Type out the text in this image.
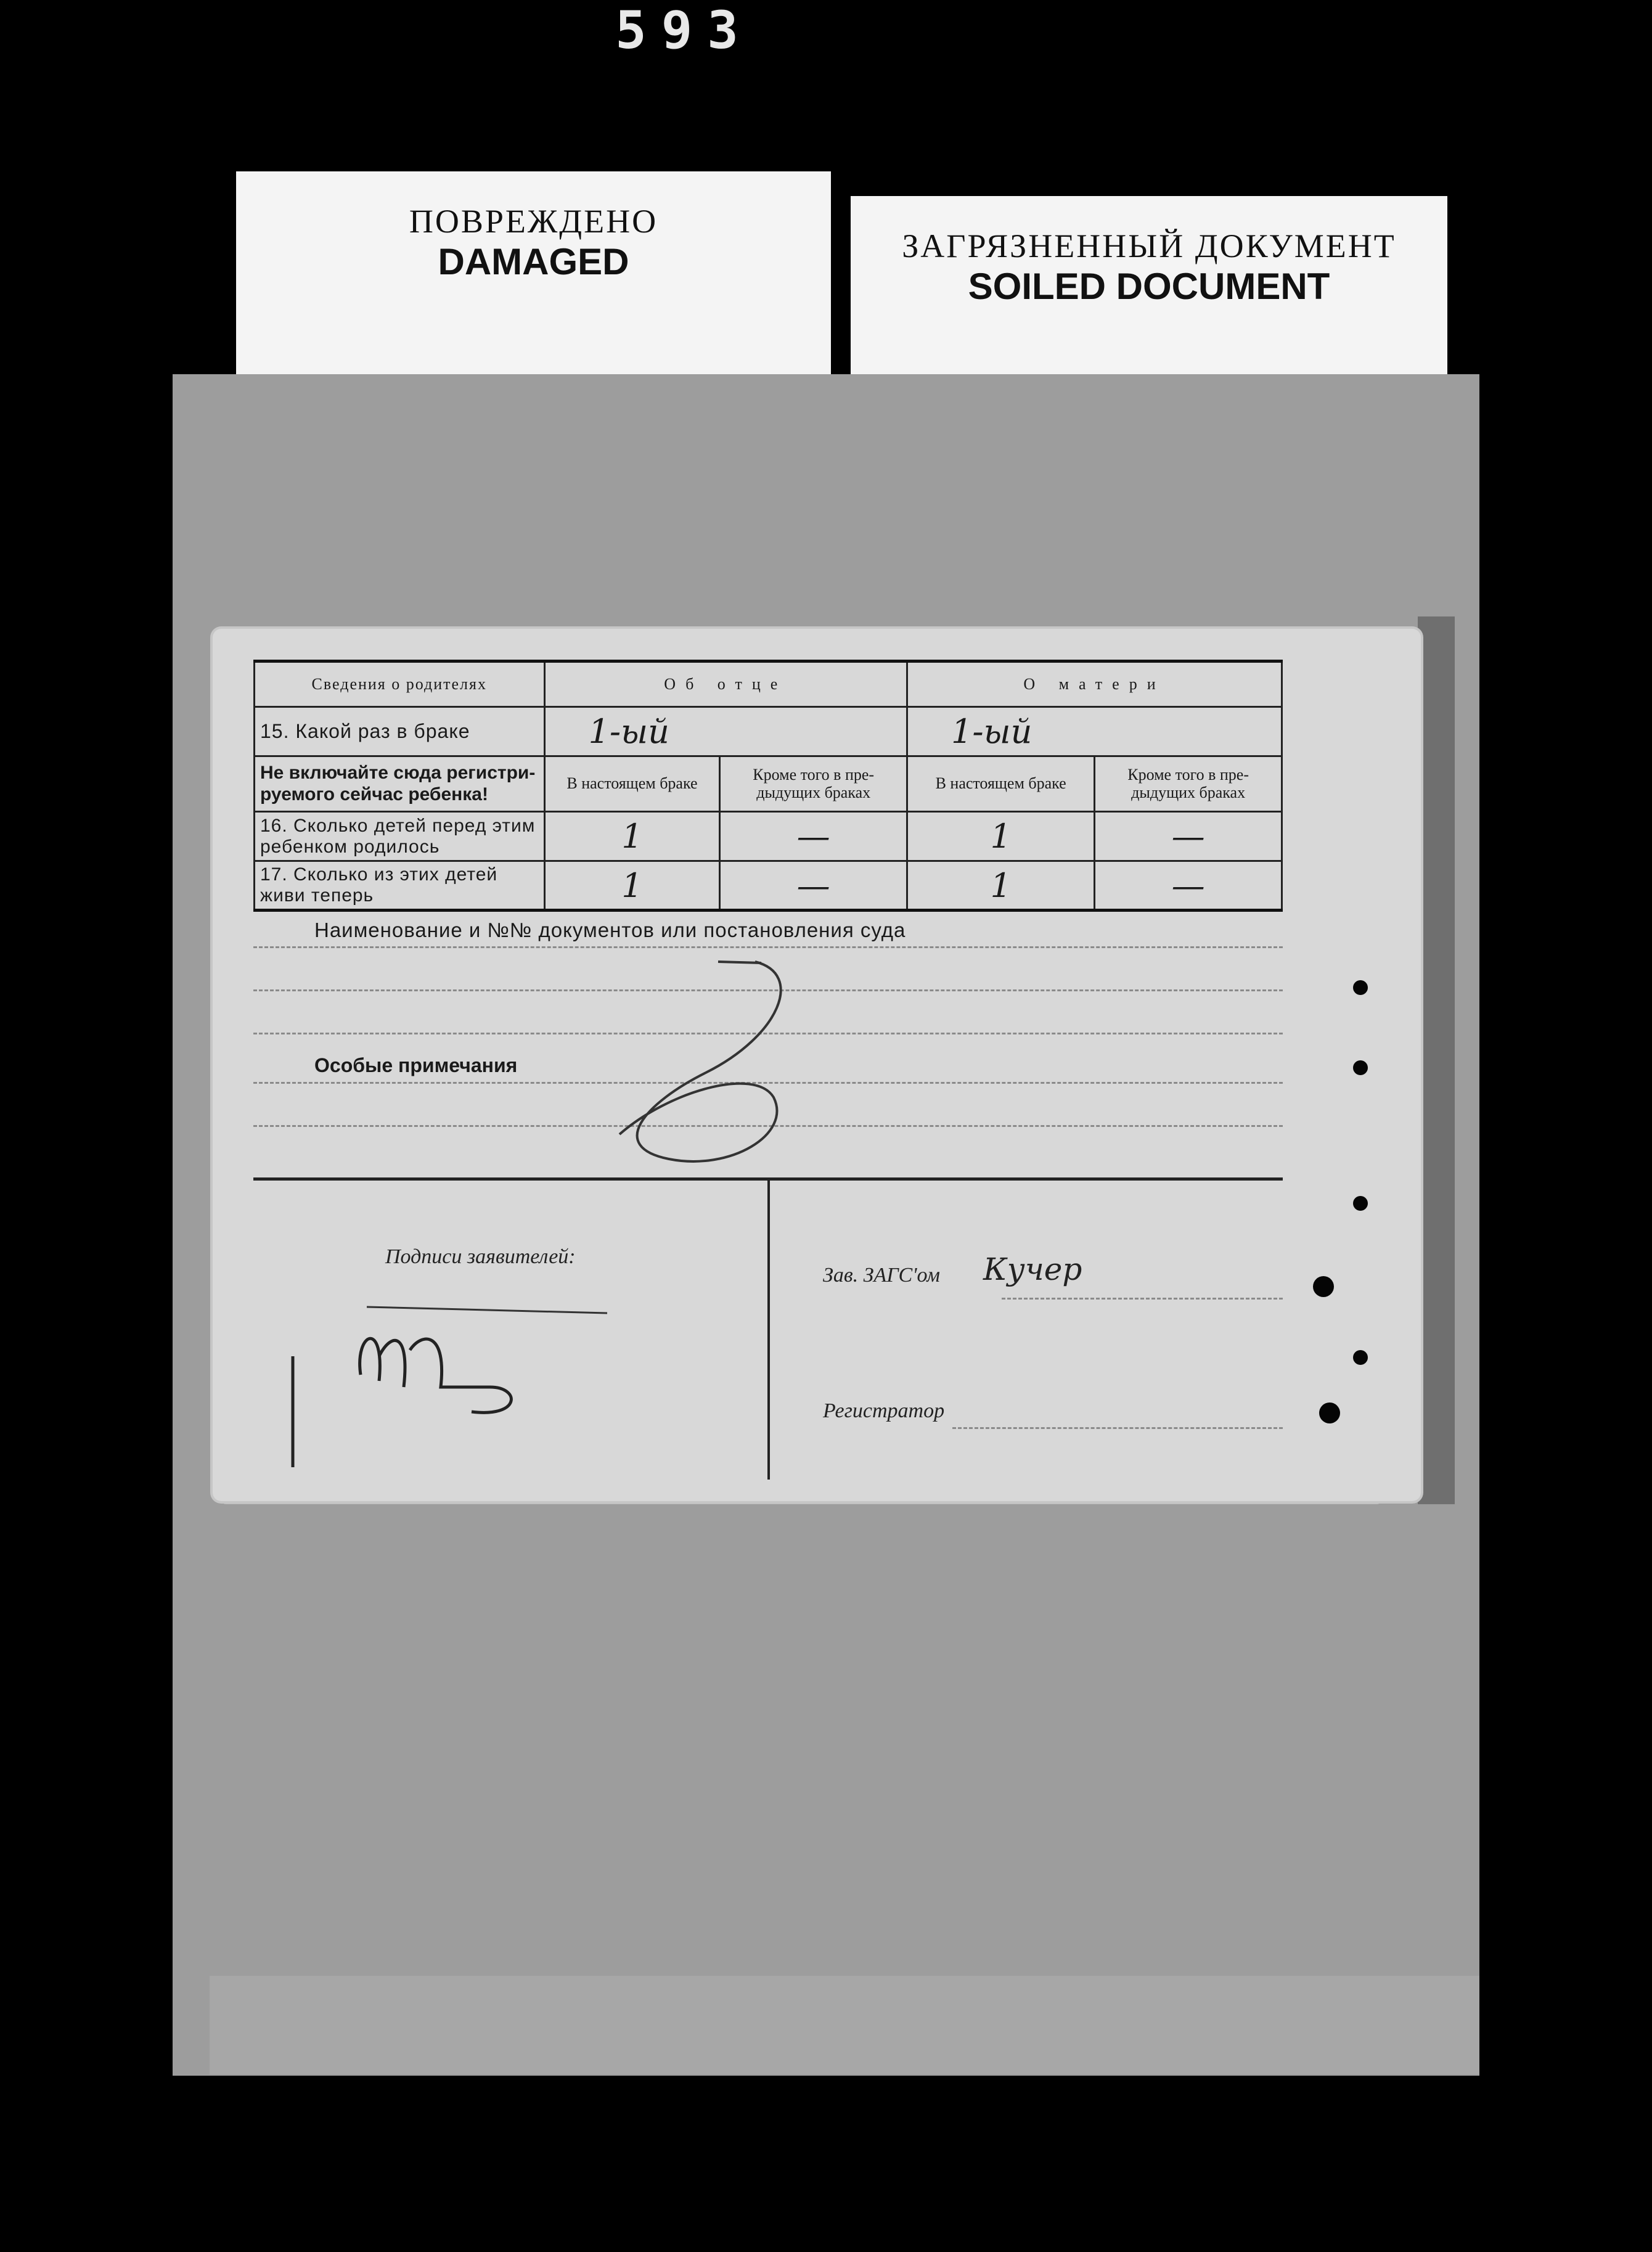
593
ПОВРЕЖДЕНО
DAMAGED	ЗАГРЯЗНЕННЫЙ ДОКУМЕНТ
SOILED DOCUMENT
Сведения о родителях	Об отце		О матери	
15. Какой раз в браке	1-ый		1-ый	
Не включайте сюда регистри-руемого сейчас ребенка!	В настоящем браке	Кроме того в пре-дыдущих браках	В настоящем браке	Кроме того в пре-дыдущих браках
16. Сколько детей перед этим ребенком родилось	1	—	1	—
17. Сколько из этих детей живи теперь	1	—	1	—
Наименование и №№ документов или постановления суда
Особые примечания
Подписи заявителей:
Зав. ЗАГС'ом Кучер
Регистратор
